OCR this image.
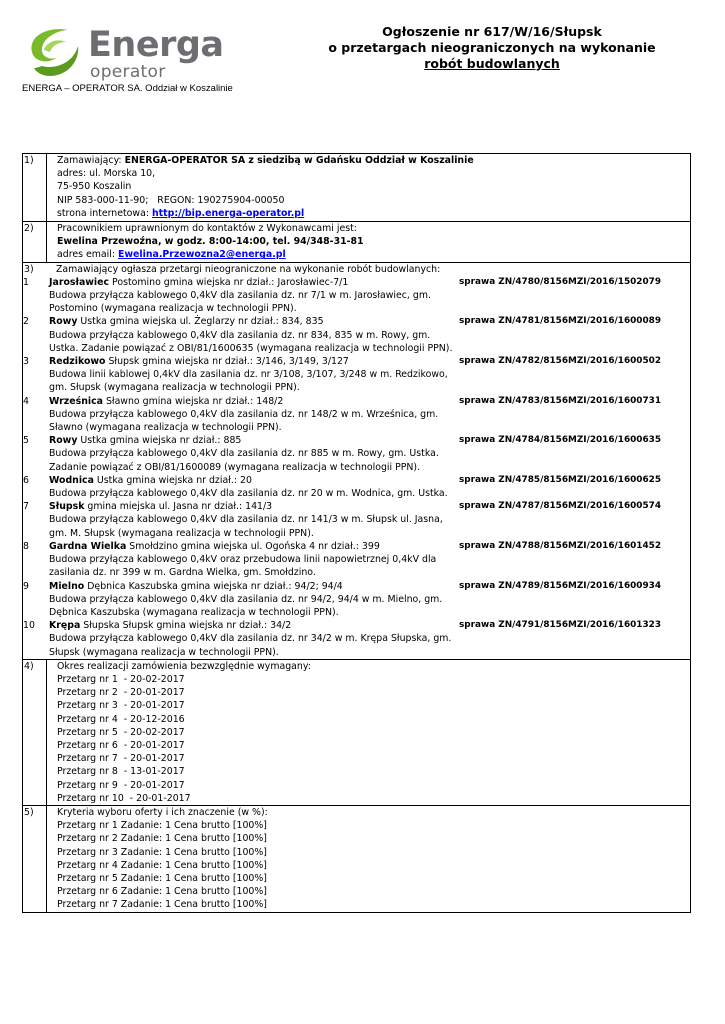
Energa
operator
ENERGA – OPERATOR SA. Oddział w Koszalinie
Ogłoszenie nr 617/W/16/Słupsk
o przetargach nieograniczonych na wykonanie
robót budowlanych
1)	Zamawiający: ENERGA-OPERATOR SA z siedzibą w Gdańsku Oddział w Koszalinie
adres: ul. Morska 10,
75-950 Koszalin
NIP 583-000-11-90;   REGON: 190275904-00050
strona internetowa: http://bip.energa-operator.pl
2)	Pracownikiem uprawnionym do kontaktów z Wykonawcami jest:
Ewelina Przewoźna, w godz. 8:00-14:00, tel. 94/348-31-81
adres email: Ewelina.Przewozna2@energa.pl
3)	Zamawiający ogłasza przetargi nieograniczone na wykonanie robót budowlanych:
1	Jarosławiec Postomino gmina wiejska nr dział.: Jarosławiec-7/1
Budowa przyłącza kablowego 0,4kV dla zasilania dz. nr 7/1 w m. Jarosławiec, gm. Postomino (wymagana realizacja w technologii PPN).
sprawa ZN/4780/8156MZI/2016/1502079
2	Rowy Ustka gmina wiejska ul. Żeglarzy nr dział.: 834, 835
Budowa przyłącza kablowego 0,4kV dla zasilania dz. nr 834, 835 w m. Rowy, gm. Ustka. Zadanie powiązać z OBI/81/1600635 (wymagana realizacja w technologii PPN).
sprawa ZN/4781/8156MZI/2016/1600089
3	Redzikowo Słupsk gmina wiejska nr dział.: 3/146, 3/149, 3/127
Budowa linii kablowej 0,4kV dla zasilania dz. nr 3/108, 3/107, 3/248 w m. Redzikowo, gm. Słupsk (wymagana realizacja w technologii PPN).
sprawa ZN/4782/8156MZI/2016/1600502
4	Wrześnica Sławno gmina wiejska nr dział.: 148/2
Budowa przyłącza kablowego 0,4kV dla zasilania dz. nr 148/2 w m. Wrześnica, gm. Sławno (wymagana realizacja w technologii PPN).
sprawa ZN/4783/8156MZI/2016/1600731
5	Rowy Ustka gmina wiejska nr dział.: 885
Budowa przyłącza kablowego 0,4kV dla zasilania dz. nr 885 w m. Rowy, gm. Ustka. Zadanie powiązać z OBI/81/1600089 (wymagana realizacja w technologii PPN).
sprawa ZN/4784/8156MZI/2016/1600635
6	Wodnica Ustka gmina wiejska nr dział.: 20
Budowa przyłącza kablowego 0,4kV dla zasilania dz. nr 20 w m. Wodnica, gm. Ustka.
sprawa ZN/4785/8156MZI/2016/1600625
7	Słupsk gmina miejska ul. Jasna nr dział.: 141/3
Budowa przyłącza kablowego 0,4kV dla zasilania dz. nr 141/3 w m. Słupsk ul. Jasna, gm. M. Słupsk (wymagana realizacja w technologii PPN).
sprawa ZN/4787/8156MZI/2016/1600574
8	Gardna Wielka Smołdzino gmina wiejska ul. Ogońska 4 nr dział.: 399
Budowa przyłącza kablowego 0,4kV oraz przebudowa linii napowietrznej 0,4kV dla zasilania dz. nr 399 w m. Gardna Wielka, gm. Smołdzino.
sprawa ZN/4788/8156MZI/2016/1601452
9	Mielno Dębnica Kaszubska gmina wiejska nr dział.: 94/2; 94/4
Budowa przyłącza kablowego 0,4kV dla zasilania dz. nr 94/2, 94/4 w m. Mielno, gm. Dębnica Kaszubska (wymagana realizacja w technologii PPN).
sprawa ZN/4789/8156MZI/2016/1600934
10	Krępa Słupska Słupsk gmina wiejska nr dział.: 34/2
Budowa przyłącza kablowego 0,4kV dla zasilania dz. nr 34/2 w m. Krępa Słupska, gm. Słupsk (wymagana realizacja w technologii PPN).
sprawa ZN/4791/8156MZI/2016/1601323
4)	Okres realizacji zamówienia bezwzględnie wymagany:
Przetarg nr 1  - 20-02-2017
Przetarg nr 2  - 20-01-2017
Przetarg nr 3  - 20-01-2017
Przetarg nr 4  - 20-12-2016
Przetarg nr 5  - 20-02-2017
Przetarg nr 6  - 20-01-2017
Przetarg nr 7  - 20-01-2017
Przetarg nr 8  - 13-01-2017
Przetarg nr 9  - 20-01-2017
Przetarg nr 10  - 20-01-2017
5)	Kryteria wyboru oferty i ich znaczenie (w %):
Przetarg nr 1 Zadanie: 1 Cena brutto [100%]
Przetarg nr 2 Zadanie: 1 Cena brutto [100%]
Przetarg nr 3 Zadanie: 1 Cena brutto [100%]
Przetarg nr 4 Zadanie: 1 Cena brutto [100%]
Przetarg nr 5 Zadanie: 1 Cena brutto [100%]
Przetarg nr 6 Zadanie: 1 Cena brutto [100%]
Przetarg nr 7 Zadanie: 1 Cena brutto [100%]
